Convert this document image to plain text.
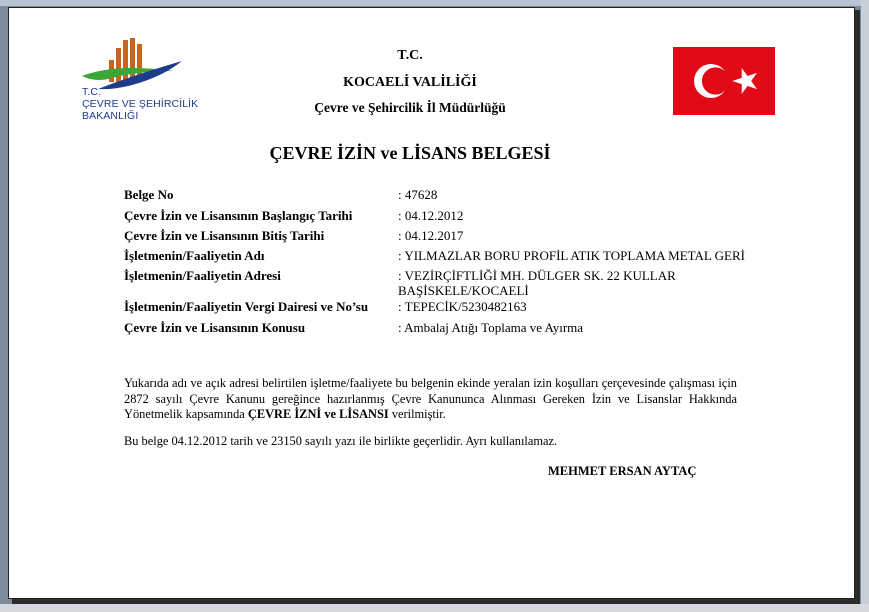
T.C.
ÇEVRE VE ŞEHİRCİLİK
BAKANLIĞI
T.C.
KOCAELİ VALİLİĞİ
Çevre ve Şehircilik İl Müdürlüğü
ÇEVRE İZİN ve LİSANS BELGESİ
Belge No	: 47628
Çevre İzin ve Lisansının Başlangıç Tarihi	: 04.12.2012
Çevre İzin ve Lisansının Bitiş Tarihi	: 04.12.2017
İşletmenin/Faaliyetin Adı	: YILMAZLAR BORU PROFİL ATIK TOPLAMA METAL GERİ
İşletmenin/Faaliyetin Adresi	: VEZİRÇİFTLİĞİ MH. DÜLGER SK. 22 KULLAR
BAŞİSKELE/KOCAELİ
İşletmenin/Faaliyetin Vergi Dairesi ve No’su : TEPECİK/5230482163
Çevre İzin ve Lisansının Konusu	: Ambalaj Atığı Toplama ve Ayırma
Yukarıda adı ve açık adresi belirtilen işletme/faaliyete bu belgenin ekinde yeralan izin koşulları çerçevesinde çalışması için 2872 sayılı Çevre Kanunu gereğince hazırlanmış Çevre Kanununca Alınması Gereken İzin ve Lisanslar Hakkında Yönetmelik kapsamında ÇEVRE İZNİ ve LİSANSI verilmiştir.
Bu belge 04.12.2012 tarih ve 23150 sayılı yazı ile birlikte geçerlidir. Ayrı kullanılamaz.
MEHMET ERSAN AYTAÇ
